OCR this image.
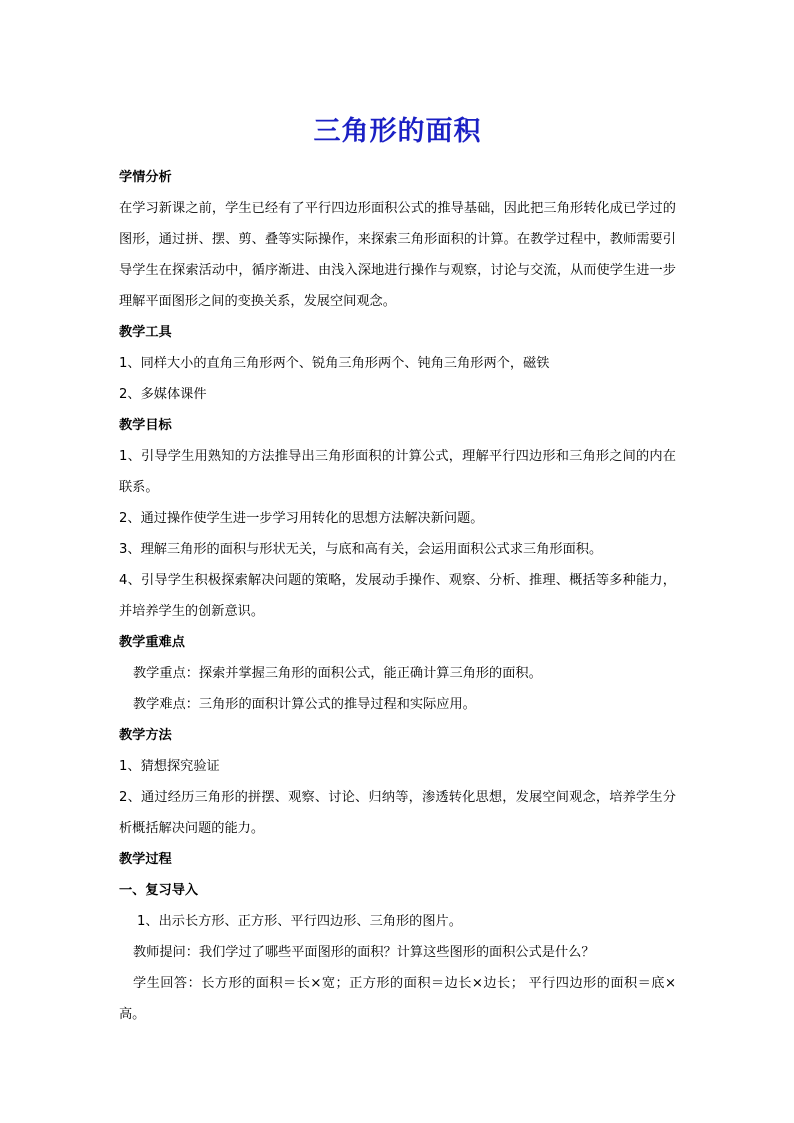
三角形的面积

学情分析

在学习新课之前，学生已经有了平行四边形面积公式的推导基础，因此把三角形转化成已学过的图形，通过拼、摆、剪、叠等实际操作，来探索三角形面积的计算。在教学过程中，教师需要引导学生在探索活动中，循序渐进、由浅入深地进行操作与观察，讨论与交流，从而使学生进一步理解平面图形之间的变换关系，发展空间观念。

教学工具

1、同样大小的直角三角形两个、锐角三角形两个、钝角三角形两个，磁铁

2、多媒体课件

教学目标

1、引导学生用熟知的方法推导出三角形面积的计算公式，理解平行四边形和三角形之间的内在联系。

2、通过操作使学生进一步学习用转化的思想方法解决新问题。

3、理解三角形的面积与形状无关，与底和高有关，会运用面积公式求三角形面积。

4、引导学生积极探索解决问题的策略，发展动手操作、观察、分析、推理、概括等多种能力，并培养学生的创新意识。

教学重难点

教学重点：探索并掌握三角形的面积公式，能正确计算三角形的面积。

教学难点：三角形的面积计算公式的推导过程和实际应用。

教学方法

1、猜想探究验证

2、通过经历三角形的拼摆、观察、讨论、归纳等，渗透转化思想，发展空间观念，培养学生分析概括解决问题的能力。

教学过程

一、复习导入

1、出示长方形、正方形、平行四边形、三角形的图片。

教师提问：我们学过了哪些平面图形的面积？计算这些图形的面积公式是什么？

学生回答：长方形的面积＝长×宽；正方形的面积＝边长×边长； 平行四边形的面积＝底×高。
